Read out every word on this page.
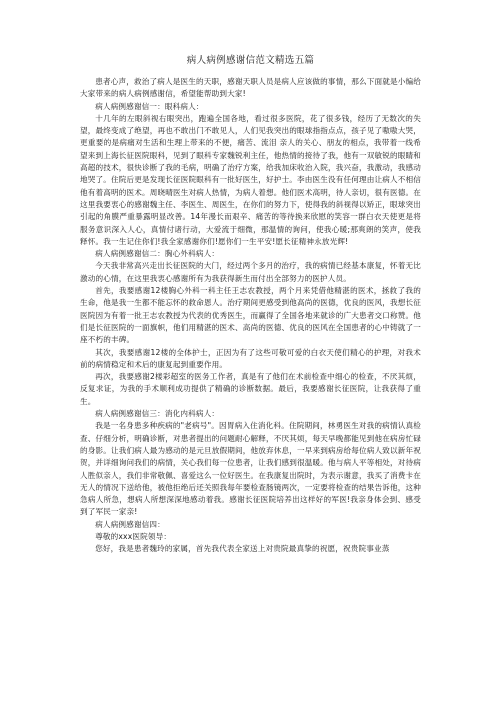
病人病例感谢信范文精选五篇

患者心声，救治了病人是医生的天职，感谢天职人员是病人应该做的事情，那么下面就是小编给大家带来的病人病例感谢信，希望能帮助到大家!

病人病例感谢信一：眼科病人：

十几年的左眼斜视右眼突出，跑遍全国各地，看过很多医院，花了很多钱，经历了无数次的失望，最终变成了绝望，再也不敢出门不敢见人，人们见我突出的眼球指指点点，孩子见了嗷嗷大哭，更重要的是病痛对生活和生理上带来的不便，痛苦、流泪 亲人的关心、朋友的相点，我带着一线希望来到上海长征医院眼科，见到了眼科专家魏锐利主任，他热情的接待了我，他有一双敏锐的眼睛和高超的技术，很快诊断了我的毛病，明确了治疗方案，给我加床收治入院，我兴奋，我激动，我感动地哭了。住院后更是发现长征医院眼科有一批好医生，好护士。李由医生没有任何理由让病人不相信他有着高明的医术。周晓晴医生对病人热情，为病人着想。他们医术高明，待人亲切，很有医德。在这里我要衷心的感谢魏主任、李医生、周医生，在你们的努力下，使得我的斜视得以矫正，眼球突出引起的角膜严重暴露明显改善。14年漫长而艰辛、痛苦的等待换来欣慰的笑容一群白衣天使更是将服务意识深入人心，真情付诸行动，大爱流于细微，那温情的询问，使我心暖;那爽朗的笑声，使我释怀。我一生记住你们!我全家感谢你们!愿你们一生平安!愿长征精神永放光辉!

病人病例感谢信二：胸心外科病人：

今天我非常高兴走出长征医院的大门，经过两个多月的治疗，我的病情已经基本康复，怀着无比激动的心情，在这里我衷心感谢所有为我获得新生而付出全部努力的医护人员。

首先，我要感谢12楼胸心外科一科主任王志农教授，两个月来凭借他精湛的医术，拯救了我的生命，他是我一生都不能忘怀的救命恩人。治疗期间更感受到他高尚的医德，优良的医风，我想长征医院因为有着一批王志农教授为代表的优秀医生，而赢得了全国各地来就诊的广大患者交口称赞。他们是长征医院的一面旗帜，他们用精湛的医术、高尚的医德、优良的医风在全国患者的心中铸就了一座不朽的丰碑。

其次，我要感谢12楼的全体护士，正因为有了这些可敬可爱的白衣天使们精心的护理，对我术前的病情稳定和术后的康复起到重要作用。

再次，我要感谢2楼彩超室的医务工作者，真是有了他们在术前检查中细心的检查，不厌其烦，反复求证，为我的手术顺利成功提供了精确的诊断数据。最后，我要感谢长征医院，让我获得了重生。

病人病例感谢信三：消化内科病人：

我是一名身患多种疾病的"老病号"。因胃病入住消化科。住院期间，林勇医生对我的病情认真检查、仔细分析，明确诊断，对患者提出的问题耐心解释，不厌其烦，每天早晚都能见到他在病房忙碌的身影。让我们病人最为感动的是元旦放假期间，他放弃休息，一早来到病房给每位病人致以新年祝贺，并详细询问我们的病情，关心我们每一位患者，让我们感到很温暖。他与病人平等相处，对待病人胜似亲人，我们非常敬佩、喜爱这么一位好医生。在我康复出院时，为表示谢意，我买了消费卡在无人的情况下送给他，被他拒绝后还关照我每年要检查肠镜两次，一定要将检查的结果告诉他，这种急病人所急，想病人所想深深地感动着我。感谢长征医院培养出这样好的军医!我亲身体会到、感受到了军民一家亲!

病人病例感谢信四：

尊敬的xxx医院领导：

您好，我是患者魏玲的家属，首先我代表全家送上对贵院最真挚的祝愿，祝贵院事业蒸
